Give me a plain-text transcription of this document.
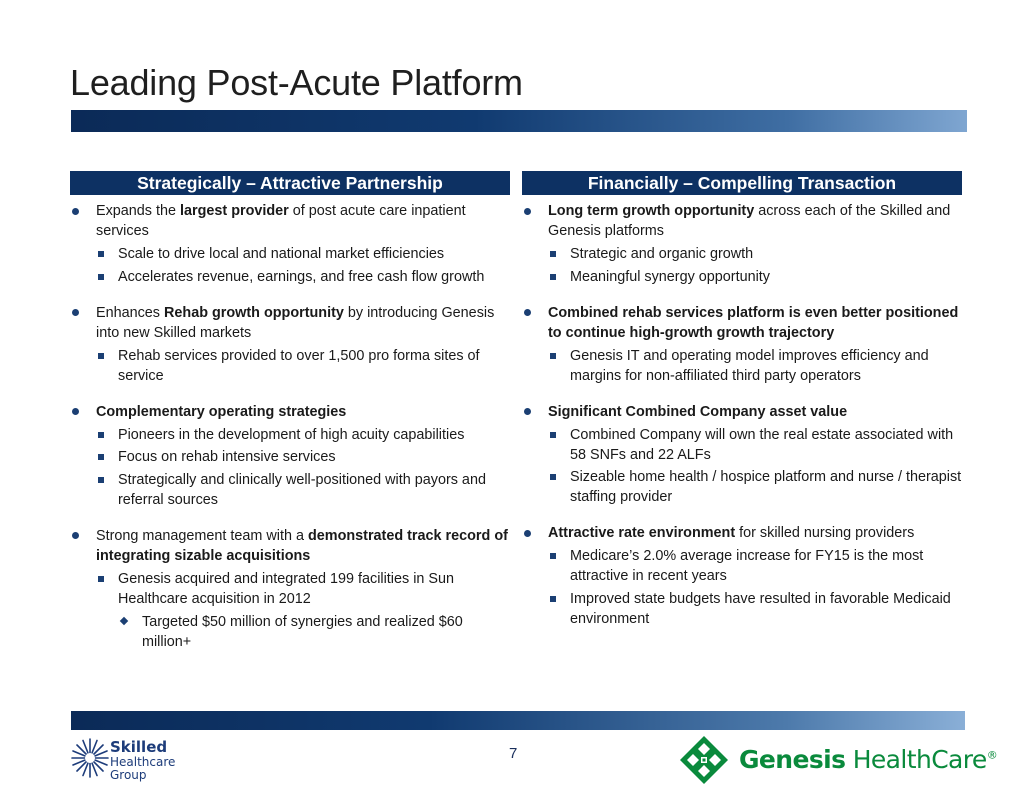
Leading Post-Acute Platform
Strategically – Attractive Partnership
Expands the largest provider of post acute care inpatient services
Scale to drive local and national market efficiencies
Accelerates revenue, earnings, and free cash flow growth
Enhances Rehab growth opportunity by introducing Genesis into new Skilled markets
Rehab services provided to over 1,500 pro forma sites of service
Complementary operating strategies
Pioneers in the development of high acuity capabilities
Focus on rehab intensive services
Strategically and clinically well-positioned with payors and referral sources
Strong management team with a demonstrated track record of integrating sizable acquisitions
Genesis acquired and integrated 199 facilities in Sun Healthcare acquisition in 2012
Targeted $50 million of synergies and realized $60 million+
Financially – Compelling Transaction
Long term growth opportunity across each of the Skilled and Genesis platforms
Strategic and organic growth
Meaningful synergy opportunity
Combined rehab services platform is even better positioned to continue high-growth growth trajectory
Genesis IT and operating model improves efficiency and margins for non-affiliated third party operators
Significant Combined Company asset value
Combined Company will own the real estate associated with 58 SNFs and 22 ALFs
Sizeable home health / hospice platform and nurse / therapist staffing provider
Attractive rate environment for skilled nursing providers
Medicare’s 2.0% average increase for FY15 is the most attractive in recent years
Improved state budgets have resulted in favorable Medicaid environment
7
Skilled
Healthcare
Group
Genesis HealthCare®
